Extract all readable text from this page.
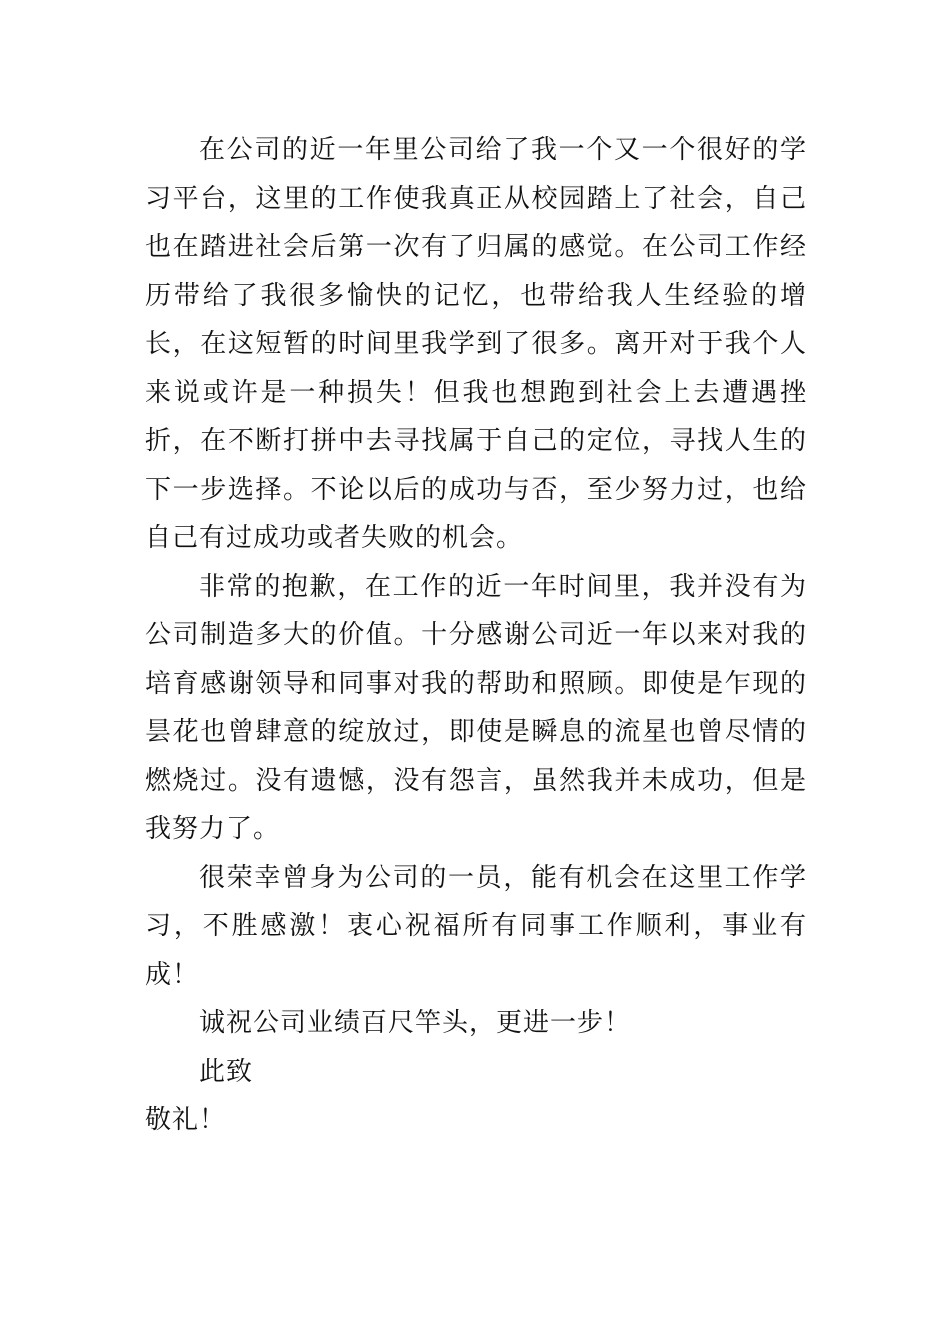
在公司的近一年里公司给了我一个又一个很好的学习平台，这里的工作使我真正从校园踏上了社会，自己也在踏进社会后第一次有了归属的感觉。在公司工作经历带给了我很多愉快的记忆，也带给我人生经验的增长，在这短暂的时间里我学到了很多。离开对于我个人来说或许是一种损失！但我也想跑到社会上去遭遇挫折，在不断打拼中去寻找属于自己的定位，寻找人生的下一步选择。不论以后的成功与否，至少努力过，也给自己有过成功或者失败的机会。

非常的抱歉，在工作的近一年时间里，我并没有为公司制造多大的价值。十分感谢公司近一年以来对我的培育感谢领导和同事对我的帮助和照顾。即使是乍现的昙花也曾肆意的绽放过，即使是瞬息的流星也曾尽情的燃烧过。没有遗憾，没有怨言，虽然我并未成功，但是我努力了。

很荣幸曾身为公司的一员，能有机会在这里工作学习，不胜感激！衷心祝福所有同事工作顺利，事业有成！

诚祝公司业绩百尺竿头，更进一步！

此致

敬礼！
